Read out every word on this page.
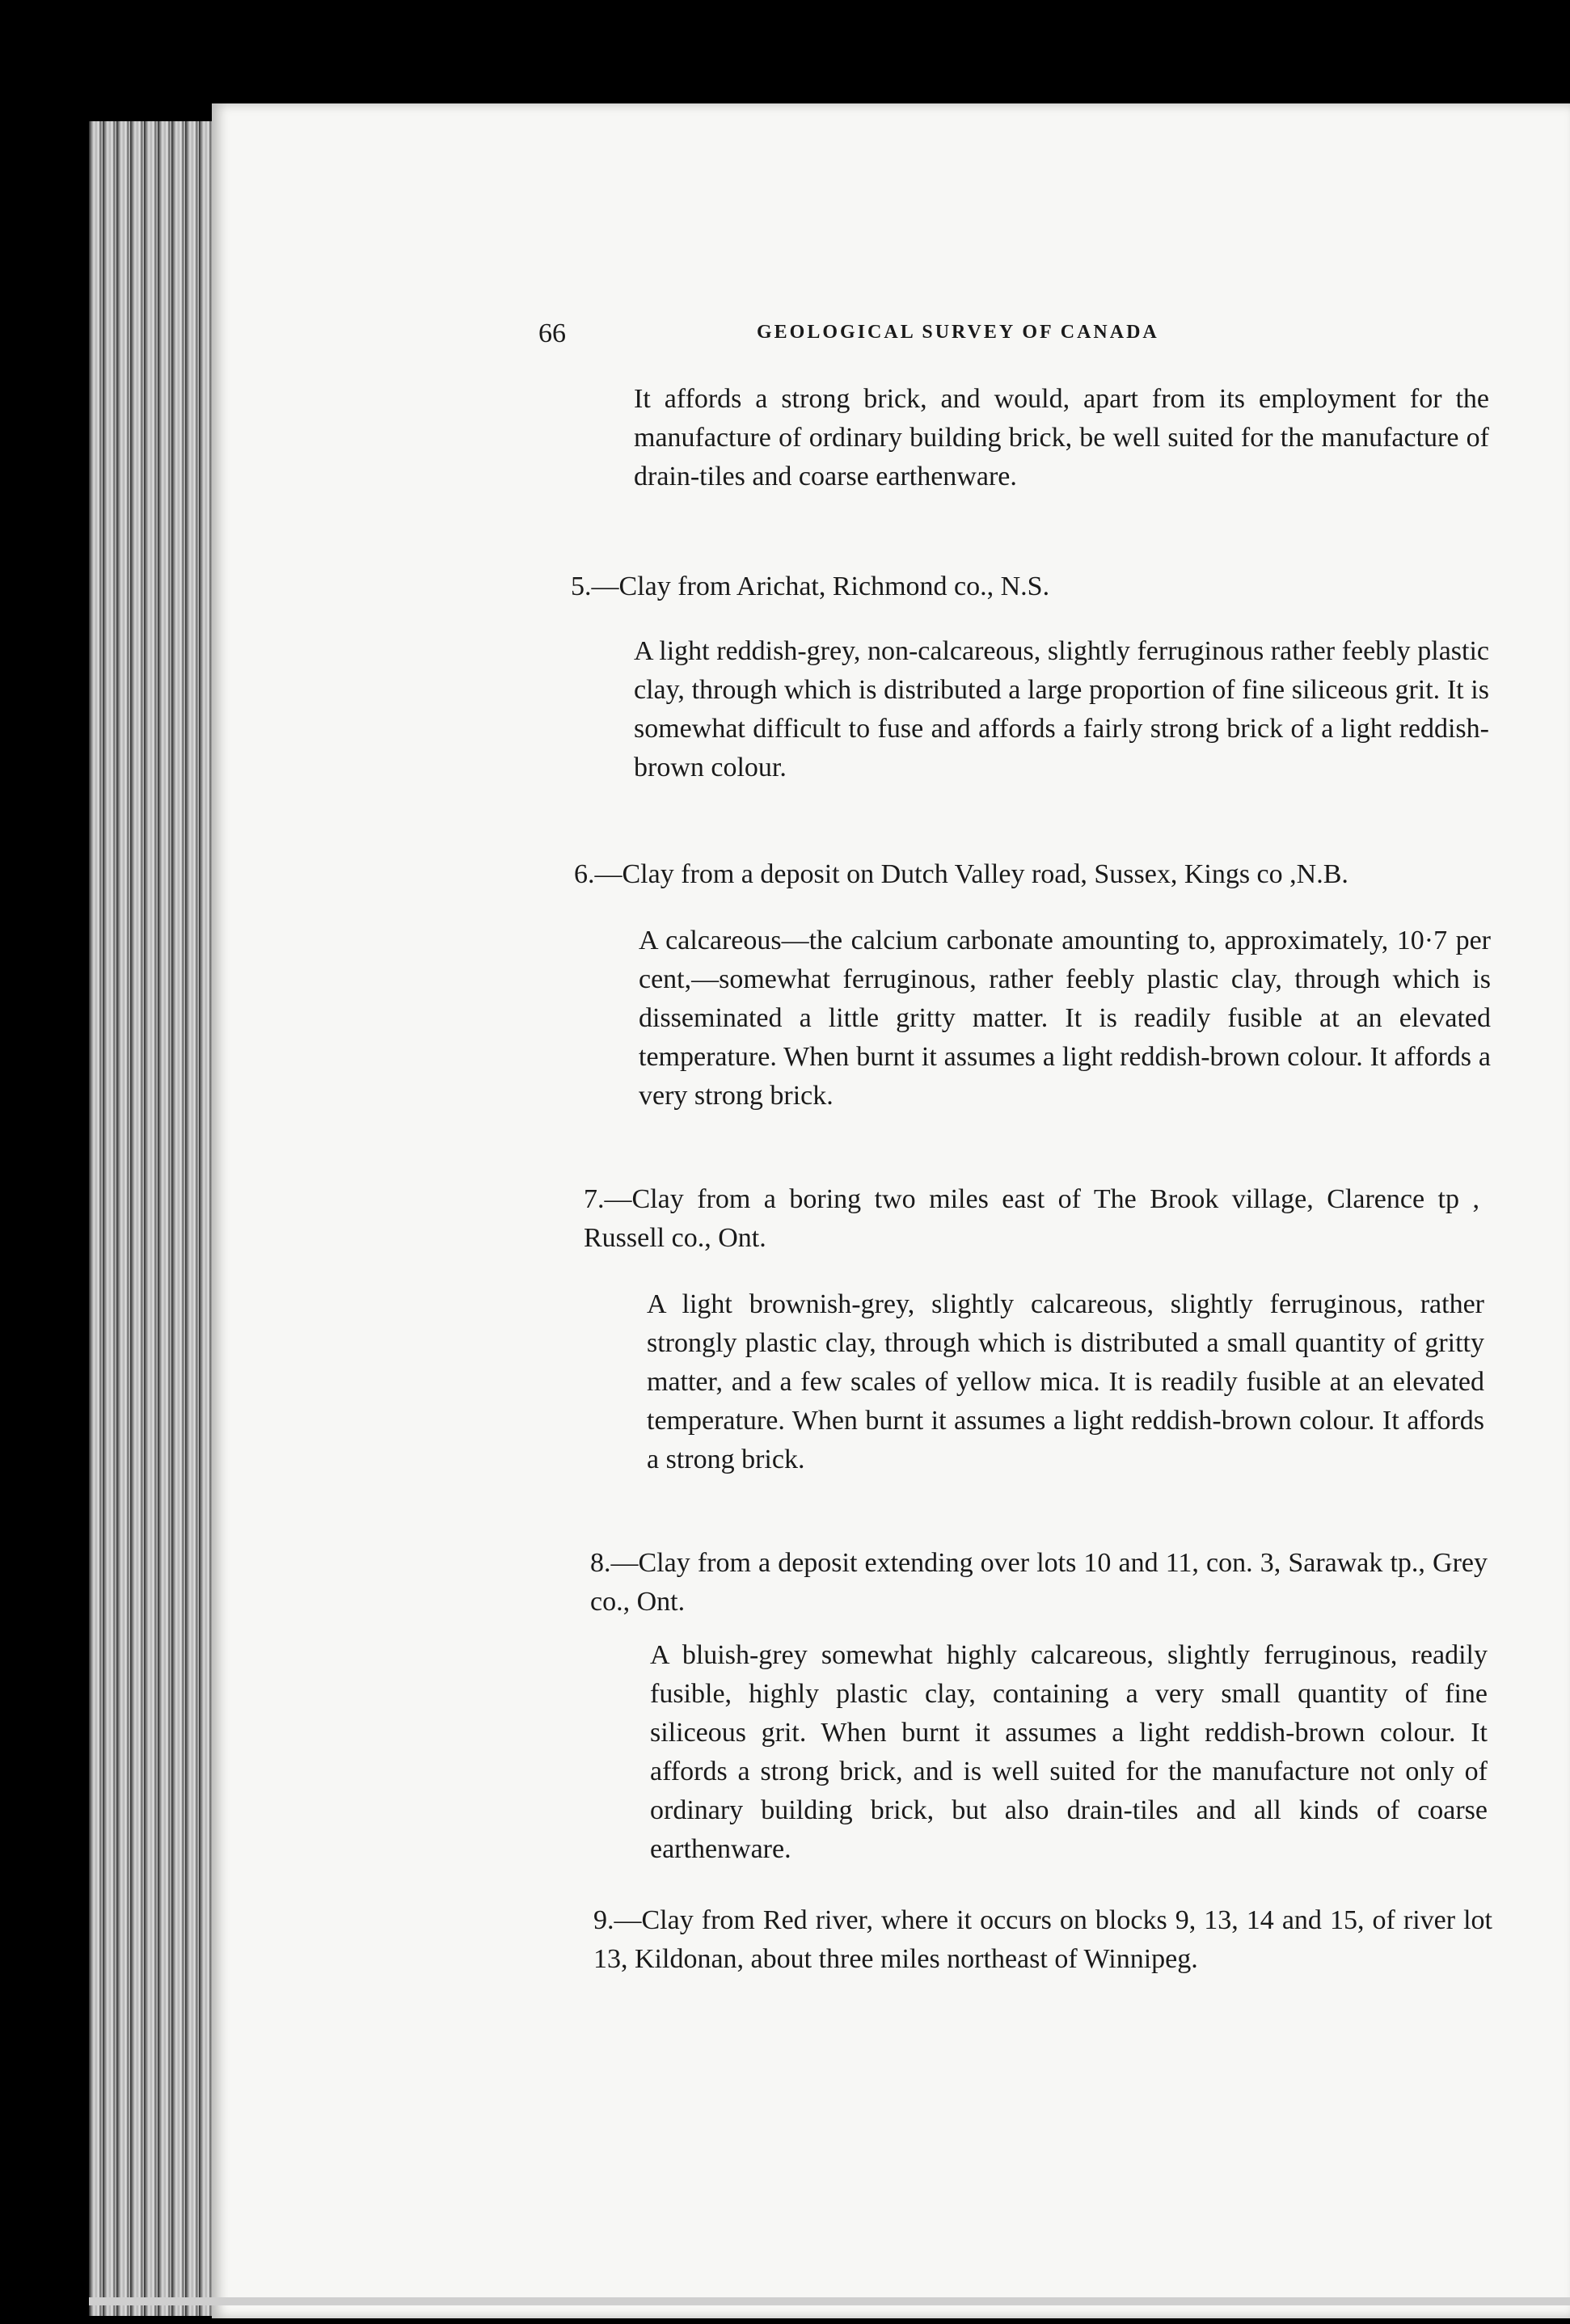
66	GEOLOGICAL SURVEY OF CANADA
It affords a strong brick, and would, apart from its employment for the manufacture of ordinary building brick, be well suited for the manufacture of drain-tiles and coarse earthenware.
5.—Clay from Arichat, Richmond co., N.S.
A light reddish-grey, non-calcareous, slightly ferruginous rather feebly plastic clay, through which is distributed a large proportion of fine siliceous grit. It is somewhat difficult to fuse and affords a fairly strong brick of a light reddish-brown colour.
6.—Clay from a deposit on Dutch Valley road, Sussex, Kings co ,N.B.
A calcareous—the calcium carbonate amounting to, approximately, 10·7 per cent,—somewhat ferruginous, rather feebly plastic clay, through which is disseminated a little gritty matter. It is readily fusible at an elevated temperature. When burnt it assumes a light reddish-brown colour. It affords a very strong brick.
7.—Clay from a boring two miles east of The Brook village, Clarence tp , Russell co., Ont.
A light brownish-grey, slightly calcareous, slightly ferruginous, rather strongly plastic clay, through which is distributed a small quantity of gritty matter, and a few scales of yellow mica. It is readily fusible at an elevated temperature. When burnt it assumes a light reddish-brown colour. It affords a strong brick.
8.—Clay from a deposit extending over lots 10 and 11, con. 3, Sarawak tp., Grey co., Ont.
A bluish-grey somewhat highly calcareous, slightly ferruginous, readily fusible, highly plastic clay, containing a very small quantity of fine siliceous grit. When burnt it assumes a light reddish-brown colour. It affords a strong brick, and is well suited for the manufacture not only of ordinary building brick, but also drain-tiles and all kinds of coarse earthenware.
9.—Clay from Red river, where it occurs on blocks 9, 13, 14 and 15, of river lot 13, Kildonan, about three miles northeast of Winnipeg.
